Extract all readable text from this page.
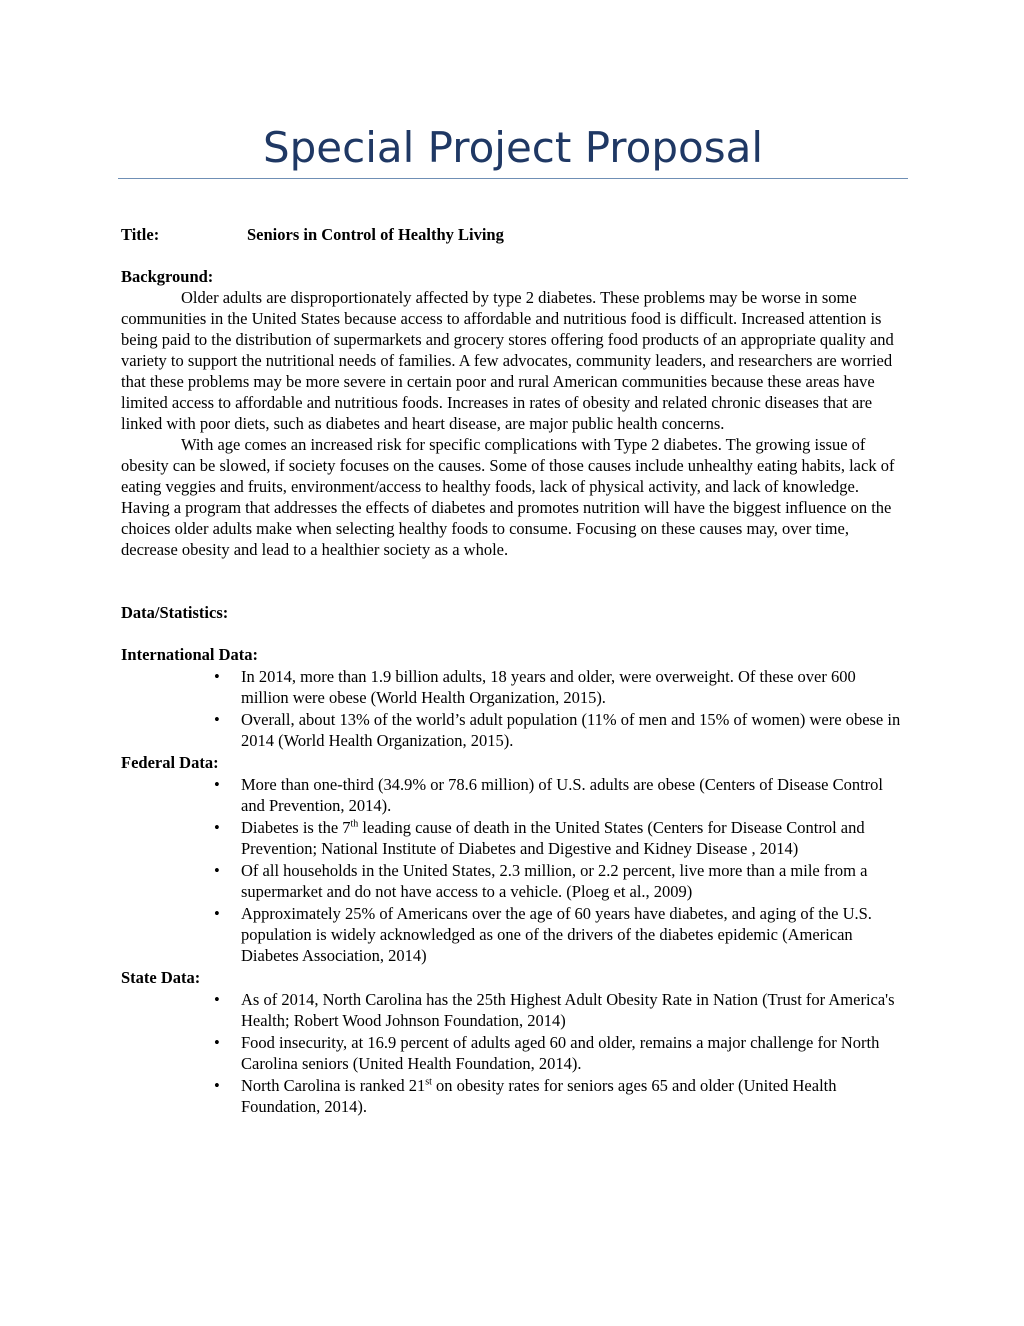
Special Project Proposal

Title:	Seniors in Control of Healthy Living

Background:

Older adults are disproportionately affected by type 2 diabetes. These problems may be worse in some communities in the United States because access to affordable and nutritious food is difficult. Increased attention is being paid to the distribution of supermarkets and grocery stores offering food products of an appropriate quality and variety to support the nutritional needs of families. A few advocates, community leaders, and researchers are worried that these problems may be more severe in certain poor and rural American communities because these areas have limited access to affordable and nutritious foods. Increases in rates of obesity and related chronic diseases that are linked with poor diets, such as diabetes and heart disease, are major public health concerns.

With age comes an increased risk for specific complications with Type 2 diabetes. The growing issue of obesity can be slowed, if society focuses on the causes. Some of those causes include unhealthy eating habits, lack of eating veggies and fruits, environment/access to healthy foods, lack of physical activity, and lack of knowledge. Having a program that addresses the effects of diabetes and promotes nutrition will have the biggest influence on the choices older adults make when selecting healthy foods to consume. Focusing on these causes may, over time, decrease obesity and lead to a healthier society as a whole.

Data/Statistics:

International Data:

• In 2014, more than 1.9 billion adults, 18 years and older, were overweight. Of these over 600 million were obese (World Health Organization, 2015).
• Overall, about 13% of the world’s adult population (11% of men and 15% of women) were obese in 2014 (World Health Organization, 2015).

Federal Data:

• More than one-third (34.9% or 78.6 million) of U.S. adults are obese (Centers of Disease Control and Prevention, 2014).
• Diabetes is the 7th leading cause of death in the United States (Centers for Disease Control and Prevention; National Institute of Diabetes and Digestive and Kidney Disease , 2014)
• Of all households in the United States, 2.3 million, or 2.2 percent, live more than a mile from a supermarket and do not have access to a vehicle. (Ploeg et al., 2009)
• Approximately 25% of Americans over the age of 60 years have diabetes, and aging of the U.S. population is widely acknowledged as one of the drivers of the diabetes epidemic (American Diabetes Association, 2014)

State Data:

• As of 2014, North Carolina has the 25th Highest Adult Obesity Rate in Nation (Trust for America's Health; Robert Wood Johnson Foundation, 2014)
• Food insecurity, at 16.9 percent of adults aged 60 and older, remains a major challenge for North Carolina seniors (United Health Foundation, 2014).
• North Carolina is ranked 21st on obesity rates for seniors ages 65 and older (United Health Foundation, 2014).
